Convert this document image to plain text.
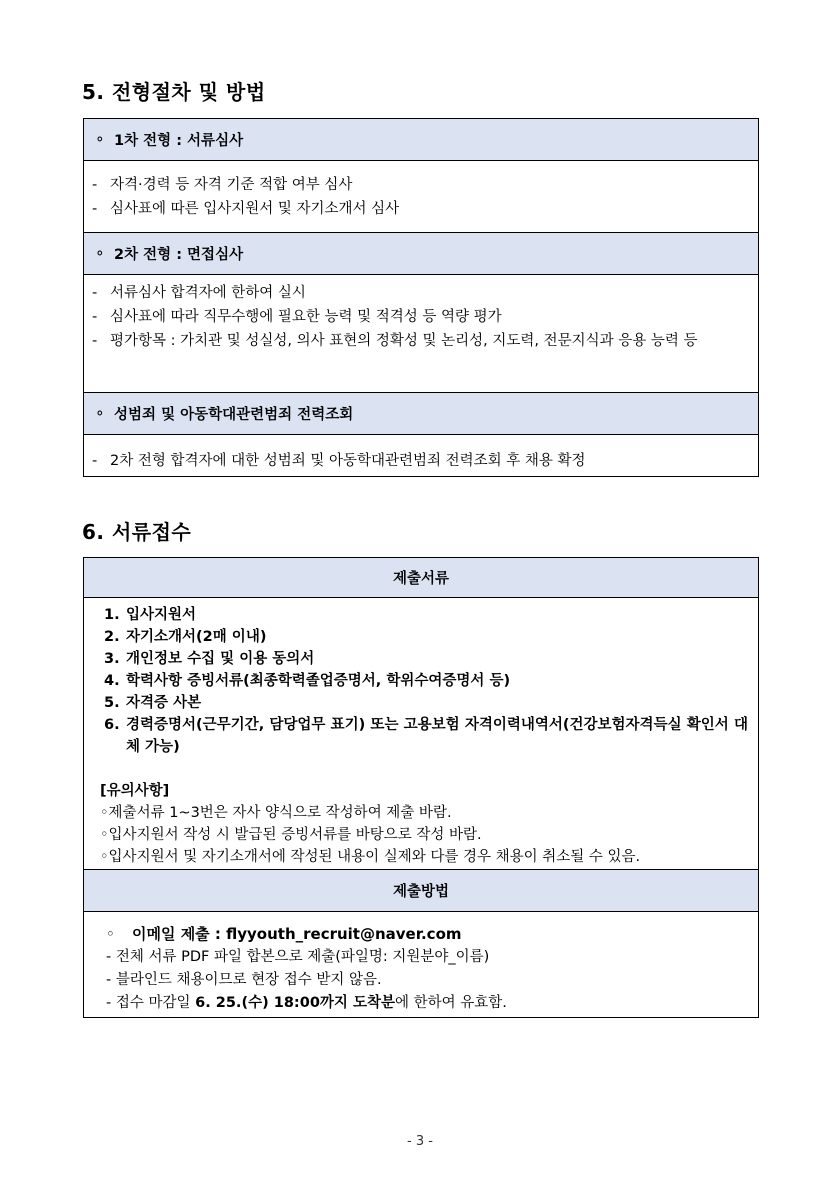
5. 전형절차 및 방법
⚬ 1차 전형 : 서류심사
- 자격·경력 등 자격 기준 적합 여부 심사
- 심사표에 따른 입사지원서 및 자기소개서 심사
⚬ 2차 전형 : 면접심사
- 서류심사 합격자에 한하여 실시
- 심사표에 따라 직무수행에 필요한 능력 및 적격성 등 역량 평가
- 평가항목 : 가치관 및 성실성, 의사 표현의 정확성 및 논리성, 지도력, 전문지식과 응용 능력 등
⚬ 성범죄 및 아동학대관련범죄 전력조회
- 2차 전형 합격자에 대한 성범죄 및 아동학대관련범죄 전력조회 후 채용 확정
6. 서류접수
제출서류
1. 입사지원서
2. 자기소개서(2매 이내)
3. 개인정보 수집 및 이용 동의서
4. 학력사항 증빙서류(최종학력졸업증명서, 학위수여증명서 등)
5. 자격증 사본
6. 경력증명서(근무기간, 담당업무 표기) 또는 고용보험 자격이력내역서(건강보험자격득실 확인서 대체 가능)
[유의사항]
◦제출서류 1~3번은 자사 양식으로 작성하여 제출 바람.
◦입사지원서 작성 시 발급된 증빙서류를 바탕으로 작성 바람.
◦입사지원서 및 자기소개서에 작성된 내용이 실제와 다를 경우 채용이 취소될 수 있음.
제출방법
◦ 이메일 제출 : flyyouth_recruit@naver.com
- 전체 서류 PDF 파일 합본으로 제출(파일명: 지원분야_이름)
- 블라인드 채용이므로 현장 접수 받지 않음.
- 접수 마감일 6. 25.(수) 18:00까지 도착분에 한하여 유효함.
- 3 -
